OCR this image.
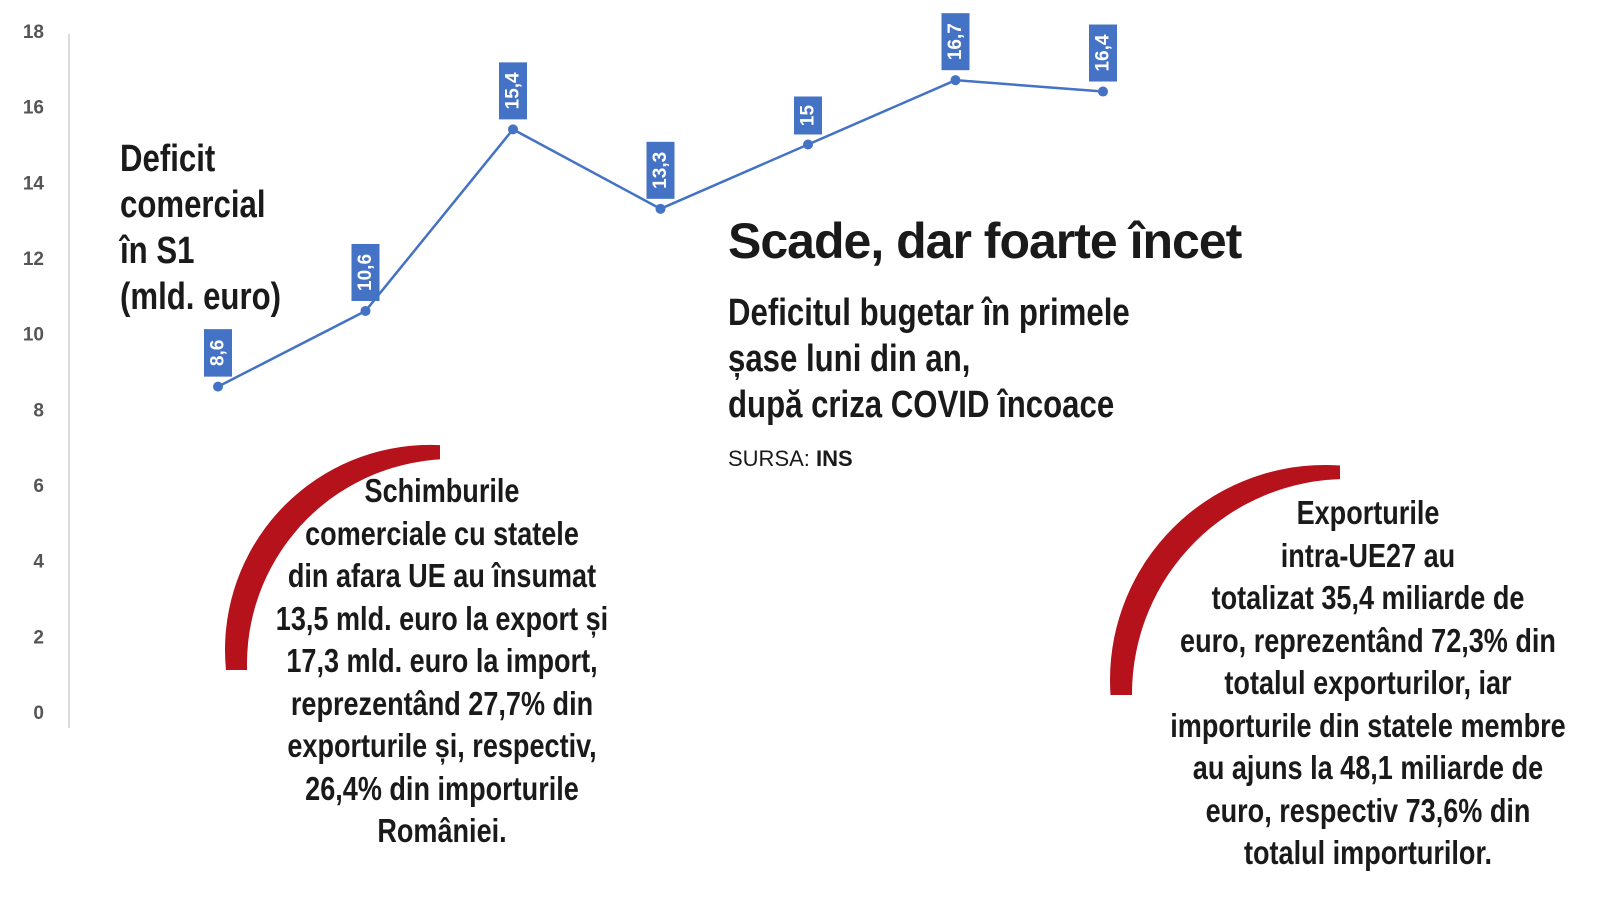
0
2
4
6
8
10
12
14
16
18
8,6
10,6
15,4
13,3
15
16,7	16,4
Deficit
comercial
în S1
(mld. euro)
Scade, dar foarte încet
Deficitul bugetar în primele
șase luni din an,
după criza COVID încoace
SURSA: INS
Schimburile
comerciale cu statele
din afara UE au însumat
13,5 mld. euro la export și
17,3 mld. euro la import,
reprezentând 27,7% din
exporturile și, respectiv,
26,4% din importurile
României.
Exporturile
intra-UE27 au
totalizat 35,4 miliarde de
euro, reprezentând 72,3% din
totalul exporturilor, iar
importurile din statele membre
au ajuns la 48,1 miliarde de
euro, respectiv 73,6% din
totalul importurilor.
